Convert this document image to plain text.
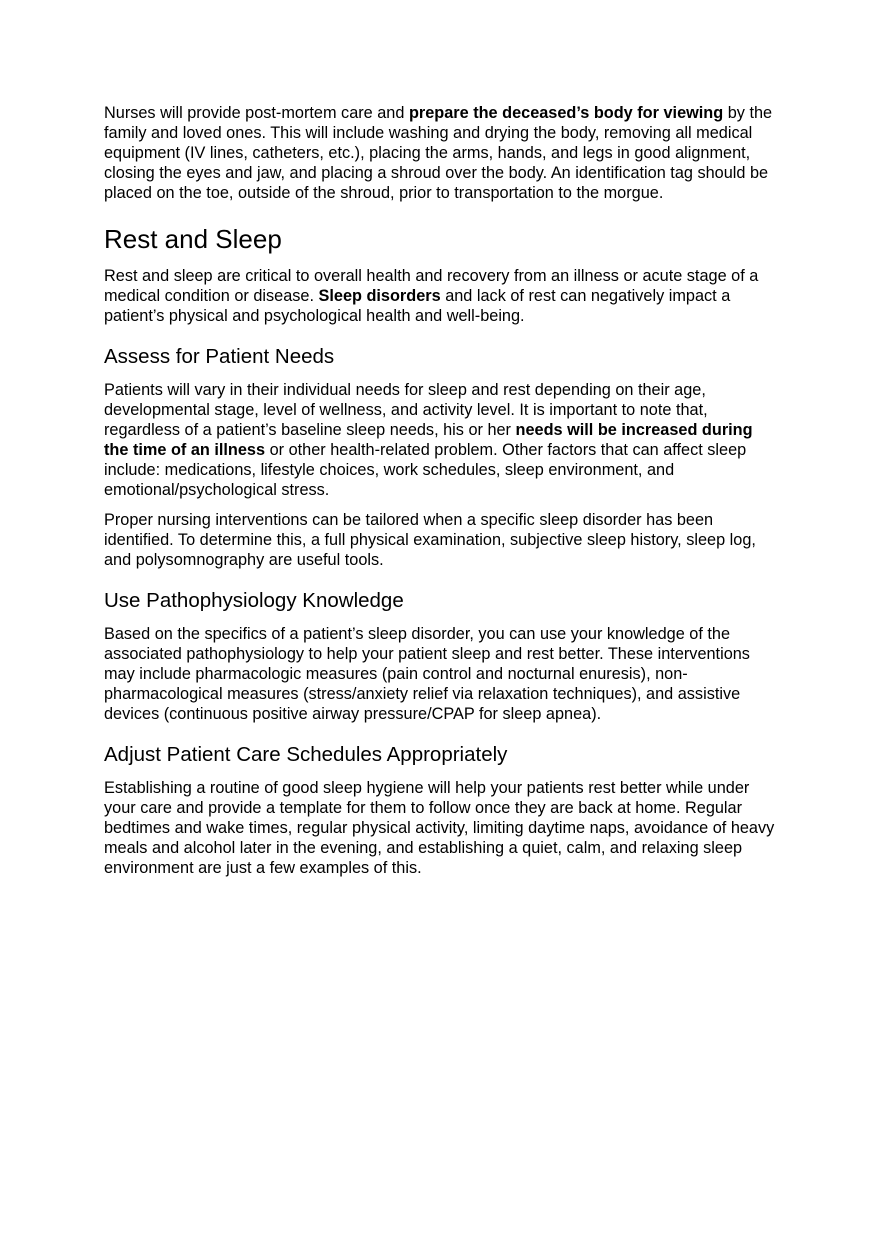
Nurses will provide post-mortem care and prepare the deceased’s body for viewing by the family and loved ones. This will include washing and drying the body, removing all medical equipment (IV lines, catheters, etc.), placing the arms, hands, and legs in good alignment, closing the eyes and jaw, and placing a shroud over the body. An identification tag should be placed on the toe, outside of the shroud, prior to transportation to the morgue.

Rest and Sleep

Rest and sleep are critical to overall health and recovery from an illness or acute stage of a medical condition or disease. Sleep disorders and lack of rest can negatively impact a patient’s physical and psychological health and well-being.

Assess for Patient Needs

Patients will vary in their individual needs for sleep and rest depending on their age, developmental stage, level of wellness, and activity level. It is important to note that, regardless of a patient’s baseline sleep needs, his or her needs will be increased during the time of an illness or other health-related problem. Other factors that can affect sleep include: medications, lifestyle choices, work schedules, sleep environment, and emotional/psychological stress.

Proper nursing interventions can be tailored when a specific sleep disorder has been identified. To determine this, a full physical examination, subjective sleep history, sleep log, and polysomnography are useful tools.

Use Pathophysiology Knowledge

Based on the specifics of a patient’s sleep disorder, you can use your knowledge of the associated pathophysiology to help your patient sleep and rest better. These interventions may include pharmacologic measures (pain control and nocturnal enuresis), non-pharmacological measures (stress/anxiety relief via relaxation techniques), and assistive devices (continuous positive airway pressure/CPAP for sleep apnea).

Adjust Patient Care Schedules Appropriately

Establishing a routine of good sleep hygiene will help your patients rest better while under your care and provide a template for them to follow once they are back at home. Regular bedtimes and wake times, regular physical activity, limiting daytime naps, avoidance of heavy meals and alcohol later in the evening, and establishing a quiet, calm, and relaxing sleep environment are just a few examples of this.
